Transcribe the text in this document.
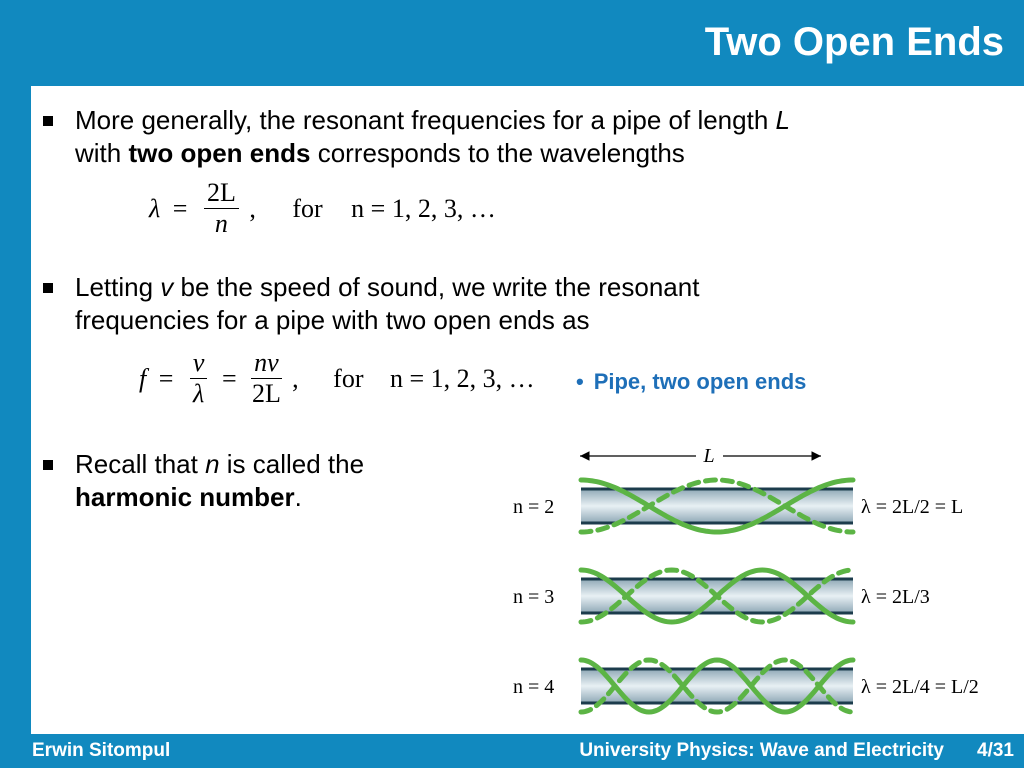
Two Open Ends
More generally, the resonant frequencies for a pipe of length L
with two open ends corresponds to the wavelengths
$\lambda = \frac{2L}{n}$ , for n = 1, 2, 3, …
Letting v be the speed of sound, we write the resonant
frequencies for a pipe with two open ends as
$f = \frac{v}{\lambda} = \frac{nv}{2L}$ , for n = 1, 2, 3, … • Pipe, two open ends
Recall that n is called the
harmonic number.
L
n = 2	λ = 2L/2 = L
n = 3	λ = 2L/3
n = 4	λ = 2L/4 = L/2
Erwin Sitompul	University Physics: Wave and Electricity 4/31
